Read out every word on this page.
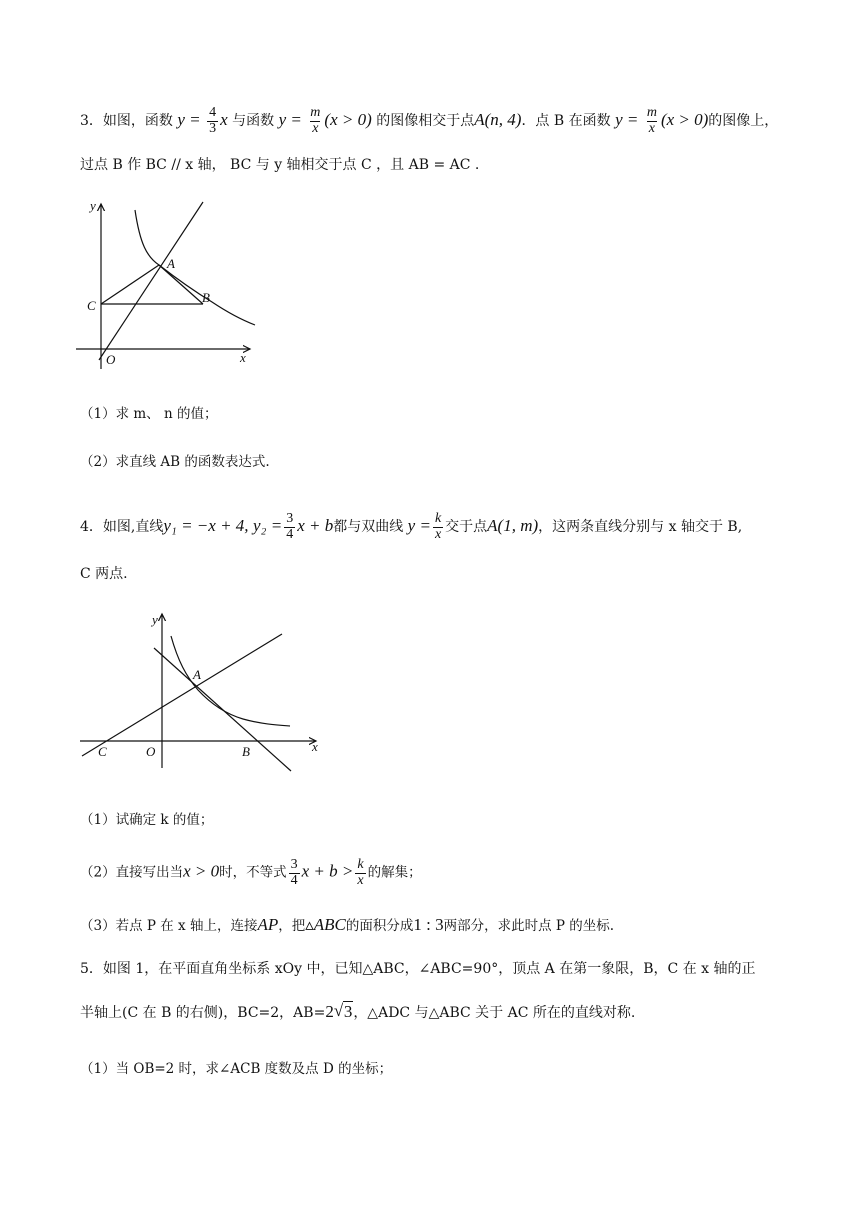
3．如图，函数 $y = \frac{4}{3}$ x 与函数 $y = \frac{m}{x} (x > 0)$ 的图像相交于点A(n, 4)．点 B 在函数 $y = \frac{m}{x} (x > 0)$的图像上，
过点 B 作 BC // x 轴， BC 与 y 轴相交于点 C ，且 AB = AC .
y
x
O
A
B
C
（1）求 m、 n 的值；
（2）求直线 AB 的函数表达式.
4．如图,直线y₁ = −x + 4, $y_2 = \frac{3}{4}$ x + b都与双曲线 $y = \frac{k}{x}$ 交于点A(1, m)，这两条直线分别与 x 轴交于 B,
C 两点.
y
x
O
A
B
C
（1）试确定 k 的值；
（2）直接写出当x > 0时，不等式 $\frac{3}{4}$ $x + b > \frac{k}{x}$ 的解集；
（3）若点 P 在 x 轴上，连接AP，把▵ABC的面积分成1 : 3两部分，求此时点 P 的坐标.
5．如图 1，在平面直角坐标系 xOy 中，已知△ABC，∠ABC=90°，顶点 A 在第一象限，B，C 在 x 轴的正
半轴上(C 在 B 的右侧)，BC=2，AB=2√ 3，△ADC 与△ABC 关于 AC 所在的直线对称.
（1）当 OB=2 时，求∠ACB 度数及点 D 的坐标；
